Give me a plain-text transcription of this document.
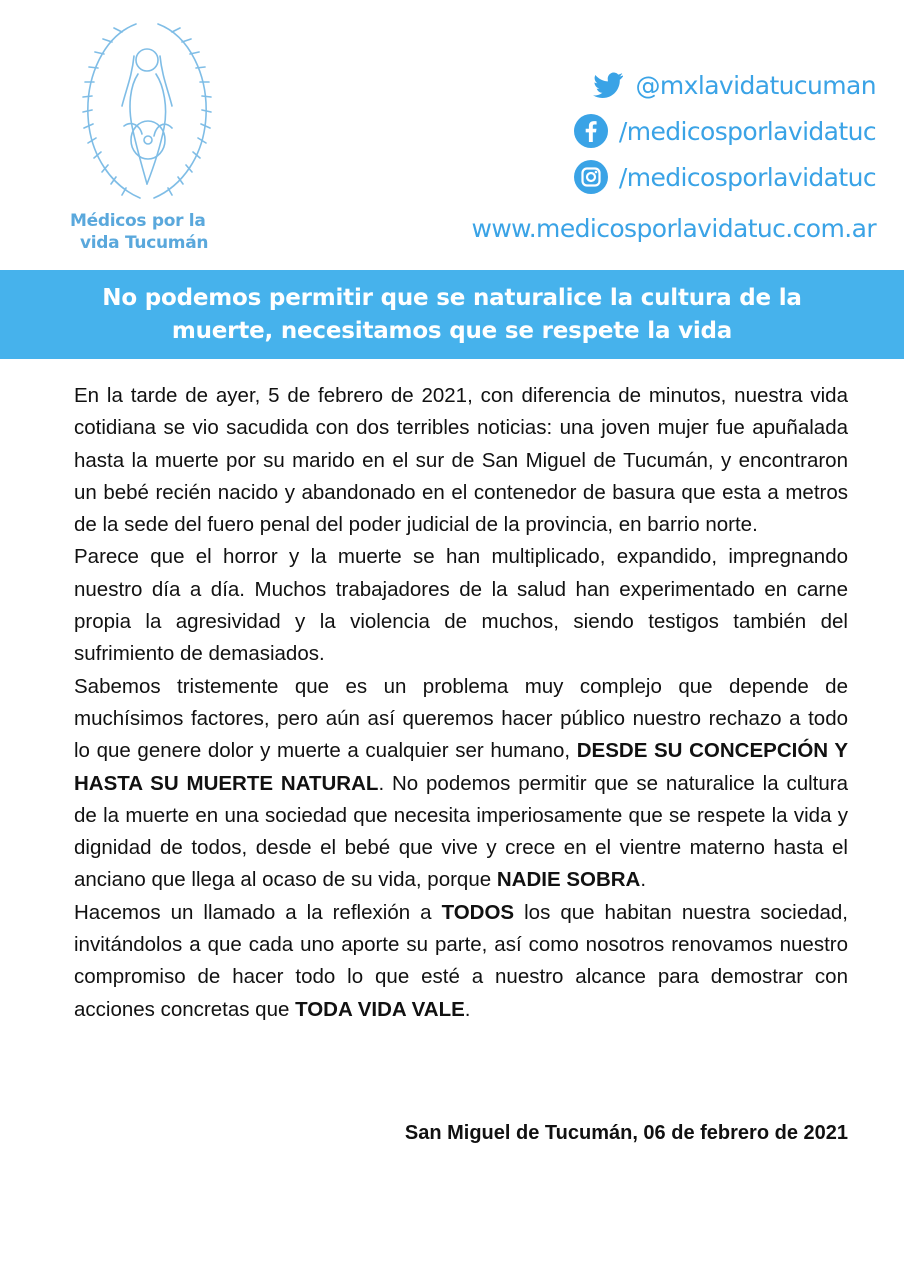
Médicos por la
vida Tucumán
@mxlavidatucuman
/medicosporlavidatuc
/medicosporlavidatuc
www.medicosporlavidatuc.com.ar
No podemos permitir que se naturalice la cultura de la muerte, necesitamos que se respete la vida

En la tarde de ayer, 5 de febrero de 2021, con diferencia de minutos, nuestra vida cotidiana se vio sacudida con dos terribles noticias: una joven mujer fue apuñalada hasta la muerte por su marido en el sur de San Miguel de Tucumán, y encontraron un bebé recién nacido y abandonado en el contenedor de basura que esta a metros de la sede del fuero penal del poder judicial de la provincia, en barrio norte.

Parece que el horror y la muerte se han multiplicado, expandido, impregnando nuestro día a día. Muchos trabajadores de la salud han experimentado en carne propia la agresividad y la violencia de muchos, siendo testigos también del sufrimiento de demasiados.

Sabemos tristemente que es un problema muy complejo que depende de muchísimos factores, pero aún así queremos hacer público nuestro rechazo a todo lo que genere dolor y muerte a cualquier ser humano, DESDE SU CONCEPCIÓN Y HASTA SU MUERTE NATURAL. No podemos permitir que se naturalice la cultura de la muerte en una sociedad que necesita imperiosamente que se respete la vida y dignidad de todos, desde el bebé que vive y crece en el vientre materno hasta el anciano que llega al ocaso de su vida, porque NADIE SOBRA.

Hacemos un llamado a la reflexión a TODOS los que habitan nuestra sociedad, invitándolos a que cada uno aporte su parte, así como nosotros renovamos nuestro compromiso de hacer todo lo que esté a nuestro alcance para demostrar con acciones concretas que TODA VIDA VALE.

San Miguel de Tucumán, 06 de febrero de 2021
